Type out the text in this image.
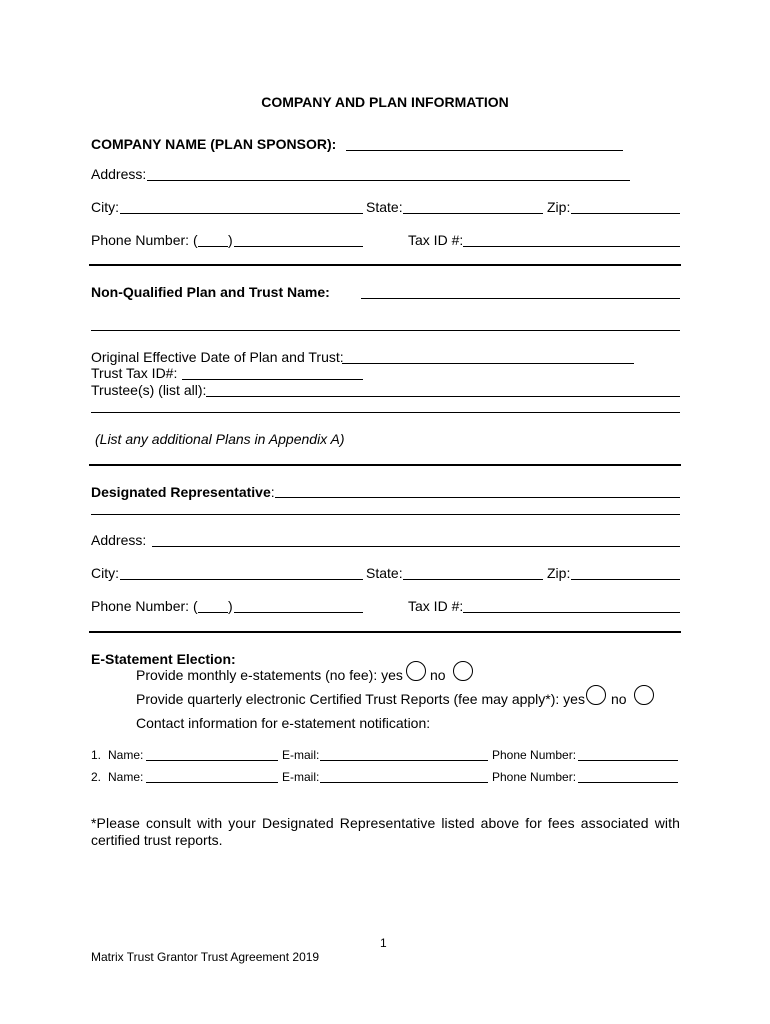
COMPANY AND PLAN INFORMATION
COMPANY NAME (PLAN SPONSOR):
Address:
City:	State:	Zip:
Phone Number: ( )	Tax ID #:
Non-Qualified Plan and Trust Name:
Original Effective Date of Plan and Trust:
Trust Tax ID#:
Trustee(s) (list all):
(List any additional Plans in Appendix A)
Designated Representative:
Address:
City:	State:	Zip:
Phone Number: ( )	Tax ID #:
E-Statement Election:
Provide monthly e-statements (no fee): yes no
Provide quarterly electronic Certified Trust Reports (fee may apply*): yes no
Contact information for e-statement notification:
1. Name:	E-mail:	Phone Number:
2. Name:	E-mail:	Phone Number:
*Please consult with your Designated Representative listed above for fees associated with
certified trust reports.
1
Matrix Trust Grantor Trust Agreement 2019
